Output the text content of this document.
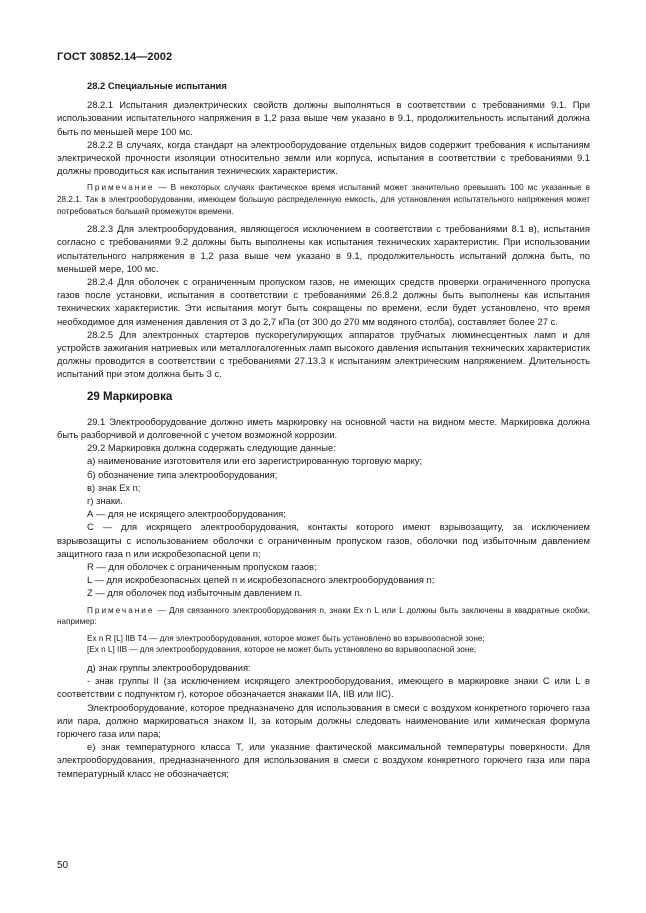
ГОСТ 30852.14—2002

28.2 Специальные испытания

28.2.1 Испытания диэлектрических свойств должны выполняться в соответствии с требованиями 9.1. При использовании испытательного напряжения в 1,2 раза выше чем указано в 9.1, продолжительность испытаний должна быть по меньшей мере 100 мс.

28.2.2 В случаях, когда стандарт на электрооборудование отдельных видов содержит требования к испытаниям электрической прочности изоляции относительно земли или корпуса, испытания в соответствии с требованиями 9.1 должны проводиться как испытания технических характеристик.

Примечание — В некоторых случаях фактическое время испытаний может значительно превышать 100 мс указанные в 28.2.1. Так в электрооборудовании, имеющем большую распределенную емкость, для установления испытательного напряжения может потребоваться больший промежуток времени.

28.2.3 Для электрооборудования, являющегося исключением в соответствии с требованиями 8.1 в), испытания согласно с требованиями 9.2 должны быть выполнены как испытания технических характеристик. При использовании испытательного напряжения в 1,2 раза выше чем указано в 9.1, продолжительность испытаний должна быть, по меньшей мере, 100 мс.

28.2.4 Для оболочек с ограниченным пропуском газов, не имеющих средств проверки ограниченного пропуска газов после установки, испытания в соответствии с требованиями 26.8.2 должны быть выполнены как испытания технических характеристик. Эти испытания могут быть сокращены по времени, если будет установлено, что время необходимое для изменения давления от 3 до 2,7 кПа (от 300 до 270 мм водяного столба), составляет более 27 с.

28.2.5 Для электронных стартеров пускорегулирующих аппаратов трубчатых люминесцентных ламп и для устройств зажигания натриевых или металлогалогенных ламп высокого давления испытания технических характеристик должны проводится в соответствии с требованиями 27.13.3 к испытаниям электрическим напряжением. Длительность испытаний при этом должна быть 3 с.

29 Маркировка

29.1 Электрооборудование должно иметь маркировку на основной части на видном месте. Маркировка должна быть разборчивой и долговечной с учетом возможной коррозии.

29.2 Маркировка должна содержать следующие данные:

а) наименование изготовителя или его зарегистрированную торговую марку;

б) обозначение типа электрооборудования;

в) знак Ех n;

г) знаки.

А — для не искрящего электрооборудования;

С — для искрящего электрооборудования, контакты которого имеют взрывозащиту, за исключением взрывозащиты с использованием оболочки с ограниченным пропуском газов, оболочки под избыточным давлением защитного газа n или искробезопасной цепи n;

R — для оболочек с ограниченным пропуском газов;

L — для искробезопасных цепей n и искробезопасного электрооборудования n;

Z — для оболочек под избыточным давлением n.

Примечание — Для связанного электрооборудования n, знаки Ех n L или L должны быть заключены в квадратные скобки, например:

Ех n R [L] IIB T4 — для электрооборудования, которое может быть установлено во взрывоопасной зоне;

[Ех n L] IIB — для электрооборудования, которое не может быть установлено во взрывоопасной зоне;

д) знак группы электрооборудования:

- знак группы II (за исключением искрящего электрооборудования, имеющего в маркировке знаки С или L в соответствии с подпунктом г), которое обозначается знаками IIA, IIB или IIC).

Электрооборудование, которое предназначено для использования в смеси с воздухом конкретного горючего газа или пара, должно маркироваться знаком II, за которым должны следовать наименование или химическая формула горючего газа или пара;

е) знак температурного класса Т, или указание фактической максимальной температуры поверхности. Для электрооборудования, предназначенного для использования в смеси с воздухом конкретного горючего газа или пара температурный класс не обозначается;

50
